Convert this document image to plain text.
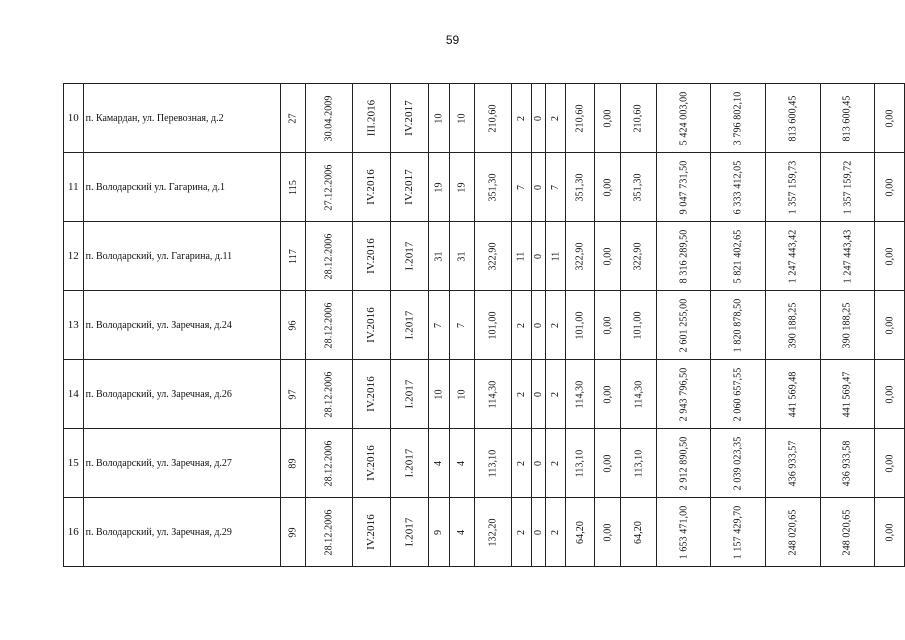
59
10	п. Камардан, ул. Перевозная, д.2	27	30.04.2009	III.2016	IV.2017	10	10	210,60	2	0	2	210,60	0,00	210,60	5 424 003,00	3 796 802,10	813 600,45	813 600,45	0,00
11	п. Володарский ул. Гагарина, д.1	115	27.12.2006	IV.2016	IV.2017	19	19	351,30	7	0	7	351,30	0,00	351,30	9 047 731,50	6 333 412,05	1 357 159,73	1 357 159,72	0,00
12	п. Володарский, ул. Гагарина, д.11	117	28.12.2006	IV.2016	I.2017	31	31	322,90	11	0	11	322,90	0,00	322,90	8 316 289,50	5 821 402,65	1 247 443,42	1 247 443,43	0,00
13	п. Володарский, ул. Заречная, д.24	96	28.12.2006	IV.2016	I.2017	7	7	101,00	2	0	2	101,00	0,00	101,00	2 601 255,00	1 820 878,50	390 188,25	390 188,25	0,00
14	п. Володарский, ул. Заречная, д.26	97	28.12.2006	IV.2016	I.2017	10	10	114,30	2	0	2	114,30	0,00	114,30	2 943 796,50	2 060 657,55	441 569,48	441 569,47	0,00
15	п. Володарский, ул. Заречная, д.27	89	28.12.2006	IV.2016	I.2017	4	4	113,10	2	0	2	113,10	0,00	113,10	2 912 890,50	2 039 023,35	436 933,57	436 933,58	0,00
16	п. Володарский, ул. Заречная, д.29	99	28.12.2006	IV.2016	I.2017	9	4	132,20	2	0	2	64,20	0,00	64,20	1 653 471,00	1 157 429,70	248 020,65	248 020,65	0,00
